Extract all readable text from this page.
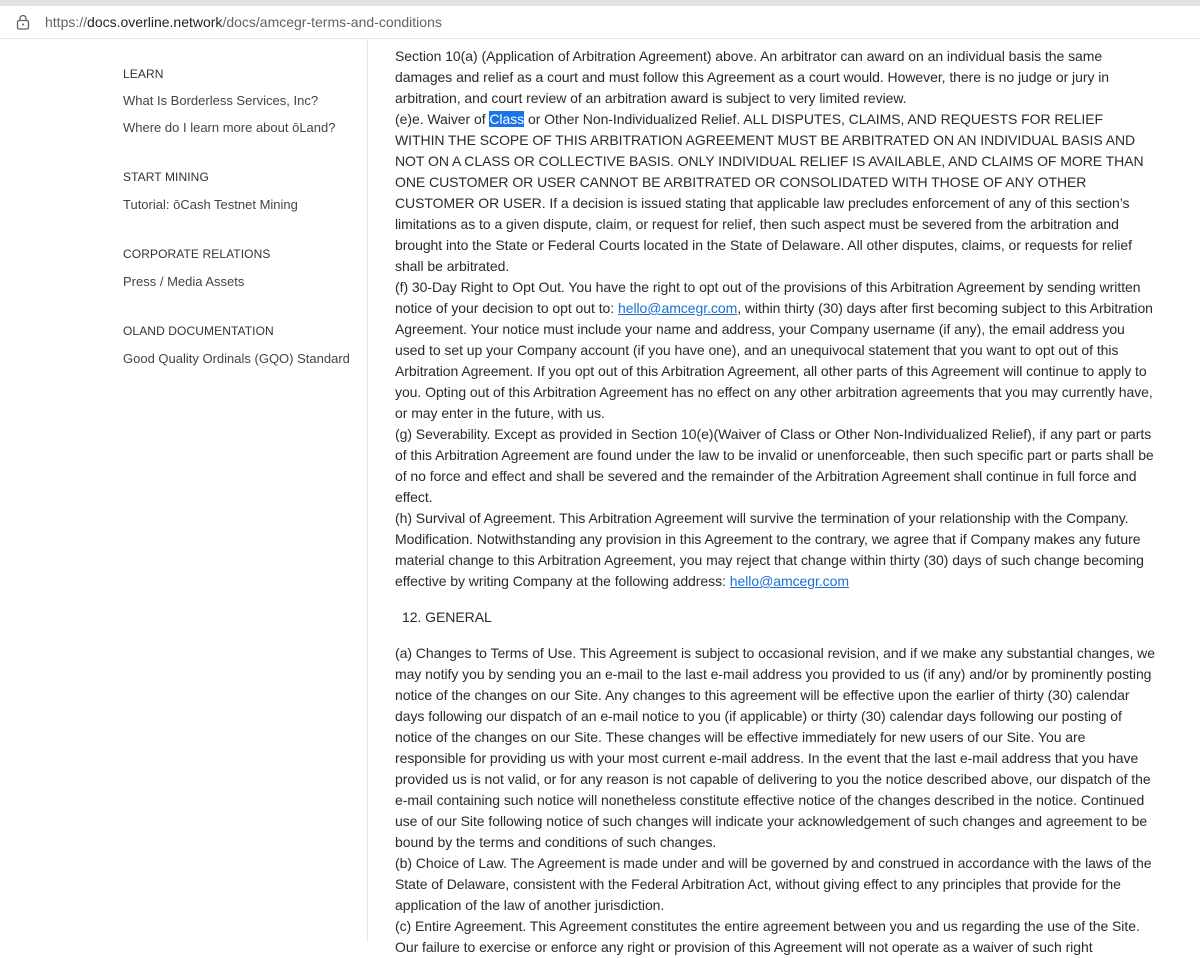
https://docs.overline.network/docs/amcegr-terms-and-conditions
LEARN
What Is Borderless Services, Inc?
Where do I learn more about ōLand?
START MINING
Tutorial: ōCash Testnet Mining
CORPORATE RELATIONS
Press / Media Assets
OLAND DOCUMENTATION
Good Quality Ordinals (GQO) Standard

Section 10(a) (Application of Arbitration Agreement) above. An arbitrator can award on an individual basis the same damages and relief as a court and must follow this Agreement as a court would. However, there is no judge or jury in arbitration, and court review of an arbitration award is subject to very limited review.

(e)e. Waiver of Class or Other Non-Individualized Relief. ALL DISPUTES, CLAIMS, AND REQUESTS FOR RELIEF WITHIN THE SCOPE OF THIS ARBITRATION AGREEMENT MUST BE ARBITRATED ON AN INDIVIDUAL BASIS AND NOT ON A CLASS OR COLLECTIVE BASIS. ONLY INDIVIDUAL RELIEF IS AVAILABLE, AND CLAIMS OF MORE THAN ONE CUSTOMER OR USER CANNOT BE ARBITRATED OR CONSOLIDATED WITH THOSE OF ANY OTHER CUSTOMER OR USER. If a decision is issued stating that applicable law precludes enforcement of any of this section’s limitations as to a given dispute, claim, or request for relief, then such aspect must be severed from the arbitration and brought into the State or Federal Courts located in the State of Delaware. All other disputes, claims, or requests for relief shall be arbitrated.

(f) 30-Day Right to Opt Out. You have the right to opt out of the provisions of this Arbitration Agreement by sending written notice of your decision to opt out to: hello@amcegr.com, within thirty (30) days after first becoming subject to this Arbitration Agreement. Your notice must include your name and address, your Company username (if any), the email address you used to set up your Company account (if you have one), and an unequivocal statement that you want to opt out of this Arbitration Agreement. If you opt out of this Arbitration Agreement, all other parts of this Agreement will continue to apply to you. Opting out of this Arbitration Agreement has no effect on any other arbitration agreements that you may currently have, or may enter in the future, with us.

(g) Severability. Except as provided in Section 10(e)(Waiver of Class or Other Non-Individualized Relief), if any part or parts of this Arbitration Agreement are found under the law to be invalid or unenforceable, then such specific part or parts shall be of no force and effect and shall be severed and the remainder of the Arbitration Agreement shall continue in full force and effect.

(h) Survival of Agreement. This Arbitration Agreement will survive the termination of your relationship with the Company. Modification. Notwithstanding any provision in this Agreement to the contrary, we agree that if Company makes any future material change to this Arbitration Agreement, you may reject that change within thirty (30) days of such change becoming effective by writing Company at the following address: hello@amcegr.com

12. GENERAL

(a) Changes to Terms of Use. This Agreement is subject to occasional revision, and if we make any substantial changes, we may notify you by sending you an e-mail to the last e-mail address you provided to us (if any) and/or by prominently posting notice of the changes on our Site. Any changes to this agreement will be effective upon the earlier of thirty (30) calendar days following our dispatch of an e-mail notice to you (if applicable) or thirty (30) calendar days following our posting of notice of the changes on our Site. These changes will be effective immediately for new users of our Site. You are responsible for providing us with your most current e-mail address. In the event that the last e-mail address that you have provided us is not valid, or for any reason is not capable of delivering to you the notice described above, our dispatch of the e-mail containing such notice will nonetheless constitute effective notice of the changes described in the notice. Continued use of our Site following notice of such changes will indicate your acknowledgement of such changes and agreement to be bound by the terms and conditions of such changes.

(b) Choice of Law. The Agreement is made under and will be governed by and construed in accordance with the laws of the State of Delaware, consistent with the Federal Arbitration Act, without giving effect to any principles that provide for the application of the law of another jurisdiction.

(c) Entire Agreement. This Agreement constitutes the entire agreement between you and us regarding the use of the Site. Our failure to exercise or enforce any right or provision of this Agreement will not operate as a waiver of such right
